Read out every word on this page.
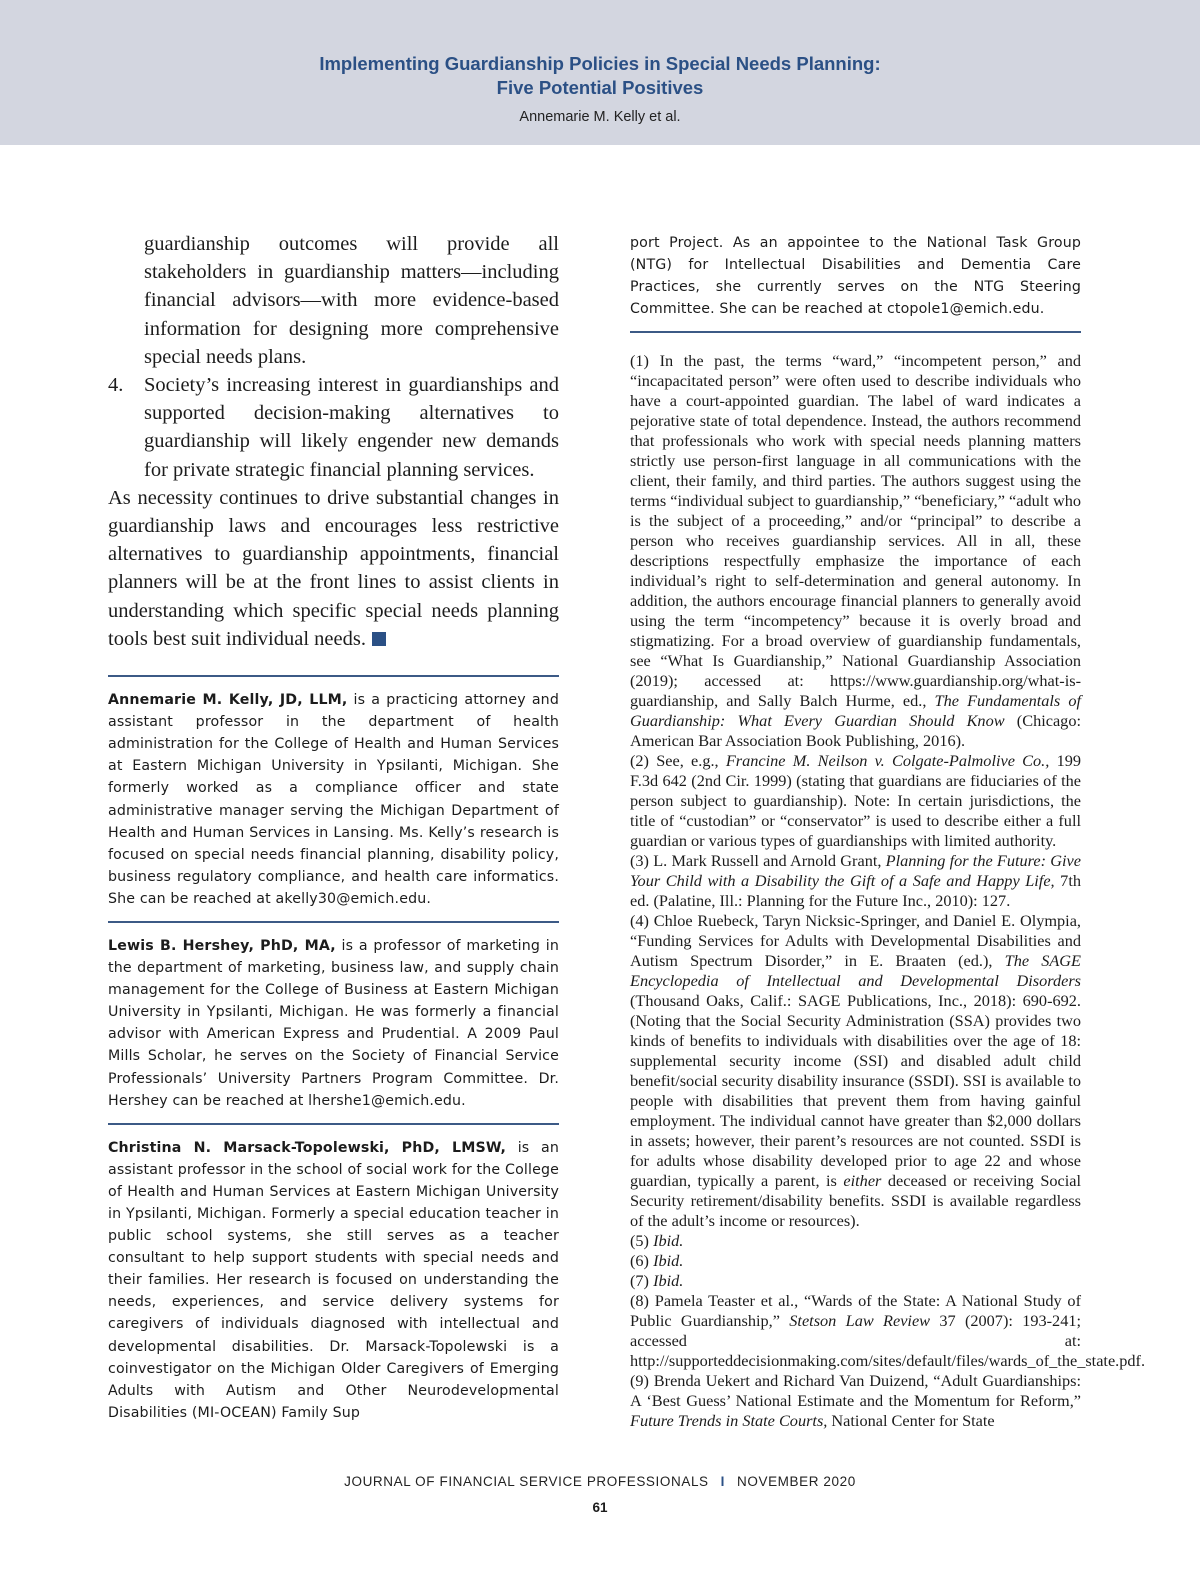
Implementing Guardianship Policies in Special Needs Planning:
Five Potential Positives
Annemarie M. Kelly et al.

guardianship outcomes will provide all stakeholders in guardianship matters—including financial advisors—with more evidence-based information for designing more comprehensive special needs plans.

4.	Society’s increasing interest in guardianships and supported decision-making alternatives to guardianship will likely engender new demands for private strategic financial planning services.

As necessity continues to drive substantial changes in guardianship laws and encourages less restrictive alternatives to guardianship appointments, financial planners will be at the front lines to assist clients in understanding which specific special needs planning tools best suit individual needs.

Annemarie M. Kelly, JD, LLM, is a practicing attorney and assistant professor in the department of health administration for the College of Health and Human Services at Eastern Michigan University in Ypsilanti, Michigan. She formerly worked as a compliance officer and state administrative manager serving the Michigan Department of Health and Human Services in Lansing. Ms. Kelly’s research is focused on special needs financial planning, disability policy, business regulatory compliance, and health care informatics. She can be reached at akelly30@emich.edu.

Lewis B. Hershey, PhD, MA, is a professor of marketing in the department of marketing, business law, and supply chain management for the College of Business at Eastern Michigan University in Ypsilanti, Michigan. He was formerly a financial advisor with American Express and Prudential. A 2009 Paul Mills Scholar, he serves on the Society of Financial Service Professionals’ University Partners Program Committee. Dr. Hershey can be reached at lhershe1@emich.edu.

Christina N. Marsack-Topolewski, PhD, LMSW, is an assistant professor in the school of social work for the College of Health and Human Services at Eastern Michigan University in Ypsilanti, Michigan. Formerly a special education teacher in public school systems, she still serves as a teacher consultant to help support students with special needs and their families. Her research is focused on understanding the needs, experiences, and service delivery systems for caregivers of individuals diagnosed with intellectual and developmental disabilities. Dr. Marsack-Topolewski is a coinvestigator on the Michigan Older Caregivers of Emerging Adults with Autism and Other Neurodevelopmental Disabilities (MI-OCEAN) Family Sup

port Project. As an appointee to the National Task Group (NTG) for Intellectual Disabilities and Dementia Care Practices, she currently serves on the NTG Steering Committee. She can be reached at ctopole1@emich.edu.

(1) In the past, the terms “ward,” “incompetent person,” and “incapacitated person” were often used to describe individuals who have a court-appointed guardian. The label of ward indicates a pejorative state of total dependence. Instead, the authors recommend that professionals who work with special needs planning matters strictly use person-first language in all communications with the client, their family, and third parties. The authors suggest using the terms “individual subject to guardianship,” “beneficiary,” “adult who is the subject of a proceeding,” and/or “principal” to describe a person who receives guardianship services. All in all, these descriptions respectfully emphasize the importance of each individual’s right to self-determination and general autonomy. In addition, the authors encourage financial planners to generally avoid using the term “incompetency” because it is overly broad and stigmatizing. For a broad overview of guardianship fundamentals, see “What Is Guardianship,” National Guardianship Association (2019); accessed at: https://www.guardianship.org/what-is-guardianship, and Sally Balch Hurme, ed., The Fundamentals of Guardianship: What Every Guardian Should Know (Chicago: American Bar Association Book Publishing, 2016).

(2) See, e.g., Francine M. Neilson v. Colgate-Palmolive Co., 199 F.3d 642 (2nd Cir. 1999) (stating that guardians are fiduciaries of the person subject to guardianship). Note: In certain jurisdictions, the title of “custodian” or “conservator” is used to describe either a full guardian or various types of guardianships with limited authority.

(3) L. Mark Russell and Arnold Grant, Planning for the Future: Give Your Child with a Disability the Gift of a Safe and Happy Life, 7th ed. (Palatine, Ill.: Planning for the Future Inc., 2010): 127.

(4) Chloe Ruebeck, Taryn Nicksic-Springer, and Daniel E. Olympia, “Funding Services for Adults with Developmental Disabilities and Autism Spectrum Disorder,” in E. Braaten (ed.), The SAGE Encyclopedia of Intellectual and Developmental Disorders (Thousand Oaks, Calif.: SAGE Publications, Inc., 2018): 690-692. (Noting that the Social Security Administration (SSA) provides two kinds of benefits to individuals with disabilities over the age of 18: supplemental security income (SSI) and disabled adult child benefit/social security disability insurance (SSDI). SSI is available to people with disabilities that prevent them from having gainful employment. The individual cannot have greater than $2,000 dollars in assets; however, their parent’s resources are not counted. SSDI is for adults whose disability developed prior to age 22 and whose guardian, typically a parent, is either deceased or receiving Social Security retirement/disability benefits. SSDI is available regardless of the adult’s income or resources).

(5) Ibid.

(6) Ibid.

(7) Ibid.

(8) Pamela Teaster et al., “Wards of the State: A National Study of Public Guardianship,” Stetson Law Review 37 (2007): 193-241; accessed at: http://supporteddecisionmaking.com/sites/default/files/wards_of_the_state.pdf.

(9) Brenda Uekert and Richard Van Duizend, “Adult Guardianships: A ‘Best Guess’ National Estimate and the Momentum for Reform,” Future Trends in State Courts, National Center for State

JOURNAL OF FINANCIAL SERVICE PROFESSIONALS I NOVEMBER 2020
61
